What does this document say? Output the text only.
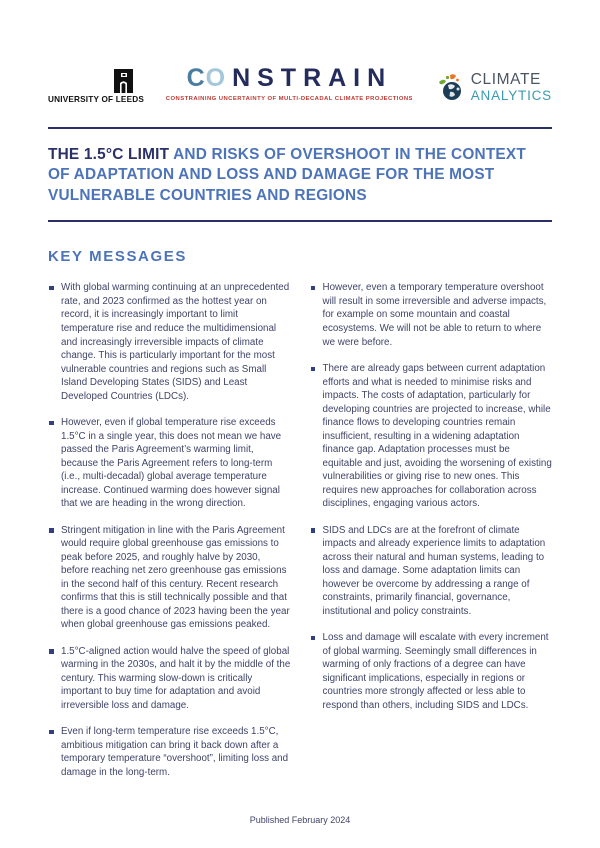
UNIVERSITY OF LEEDS
CONSTRAIN
CONSTRAINING UNCERTAINTY OF MULTI-DECADAL CLIMATE PROJECTIONS
CLIMATE
ANALYTICS
THE 1.5°C LIMIT AND RISKS OF OVERSHOOT IN THE CONTEXT OF ADAPTATION AND LOSS AND DAMAGE FOR THE MOST VULNERABLE COUNTRIES AND REGIONS
KEY MESSAGES
With global warming continuing at an unprecedented rate, and 2023 confirmed as the hottest year on record, it is increasingly important to limit temperature rise and reduce the multidimensional and increasingly irreversible impacts of climate change. This is particularly important for the most vulnerable countries and regions such as Small Island Developing States (SIDS) and Least Developed Countries (LDCs).
However, even if global temperature rise exceeds 1.5°C in a single year, this does not mean we have passed the Paris Agreement’s warming limit, because the Paris Agreement refers to long-term (i.e., multi-decadal) global average temperature increase. Continued warming does however signal that we are heading in the wrong direction.
Stringent mitigation in line with the Paris Agreement would require global greenhouse gas emissions to peak before 2025, and roughly halve by 2030, before reaching net zero greenhouse gas emissions in the second half of this century. Recent research confirms that this is still technically possible and that there is a good chance of 2023 having been the year when global greenhouse gas emissions peaked.
1.5°C-aligned action would halve the speed of global warming in the 2030s, and halt it by the middle of the century. This warming slow-down is critically important to buy time for adaptation and avoid irreversible loss and damage.
Even if long-term temperature rise exceeds 1.5°C, ambitious mitigation can bring it back down after a temporary temperature “overshoot”, limiting loss and damage in the long-term.
However, even a temporary temperature overshoot will result in some irreversible and adverse impacts, for example on some mountain and coastal ecosystems. We will not be able to return to where we were before.
There are already gaps between current adaptation efforts and what is needed to minimise risks and impacts. The costs of adaptation, particularly for developing countries are projected to increase, while finance flows to developing countries remain insufficient, resulting in a widening adaptation finance gap. Adaptation processes must be equitable and just, avoiding the worsening of existing vulnerabilities or giving rise to new ones. This requires new approaches for collaboration across disciplines, engaging various actors.
SIDS and LDCs are at the forefront of climate impacts and already experience limits to adaptation across their natural and human systems, leading to loss and damage. Some adaptation limits can however be overcome by addressing a range of constraints, primarily financial, governance, institutional and policy constraints.
Loss and damage will escalate with every increment of global warming. Seemingly small differences in warming of only fractions of a degree can have significant implications, especially in regions or countries more strongly affected or less able to respond than others, including SIDS and LDCs.
Published February 2024
